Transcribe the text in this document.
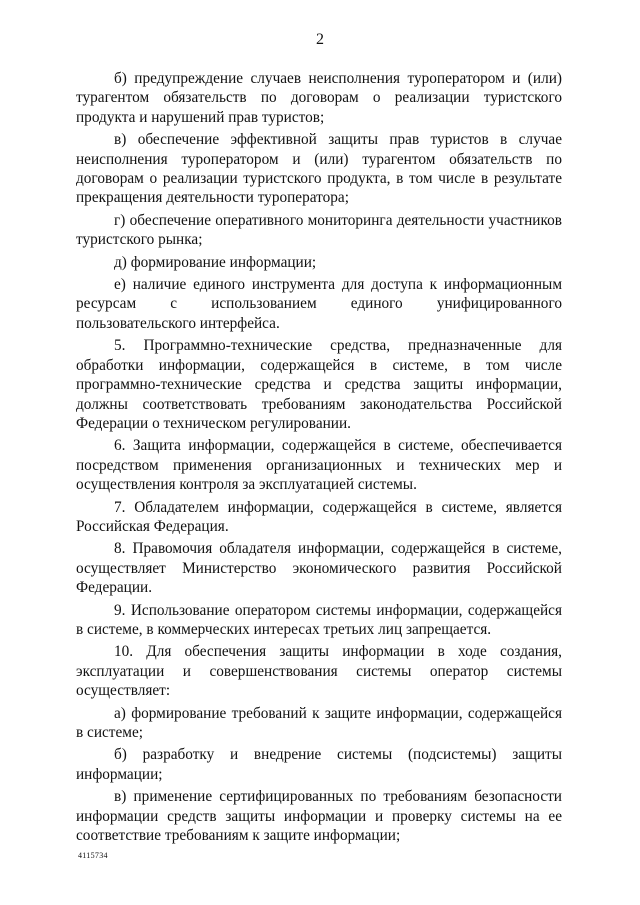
2

б) предупреждение случаев неисполнения туроператором и (или) турагентом обязательств по договорам о реализации туристского продукта и нарушений прав туристов;

в) обеспечение эффективной защиты прав туристов в случае неисполнения туроператором и (или) турагентом обязательств по договорам о реализации туристского продукта, в том числе в результате прекращения деятельности туроператора;

г) обеспечение оперативного мониторинга деятельности участников туристского рынка;

д) формирование информации;

е) наличие единого инструмента для доступа к информационным ресурсам с использованием единого унифицированного пользовательского интерфейса.

5. Программно-технические средства, предназначенные для обработки информации, содержащейся в системе, в том числе программно-технические средства и средства защиты информации, должны соответствовать требованиям законодательства Российской Федерации о техническом регулировании.

6. Защита информации, содержащейся в системе, обеспечивается посредством применения организационных и технических мер и осуществления контроля за эксплуатацией системы.

7. Обладателем информации, содержащейся в системе, является Российская Федерация.

8. Правомочия обладателя информации, содержащейся в системе, осуществляет Министерство экономического развития Российской Федерации.

9. Использование оператором системы информации, содержащейся в системе, в коммерческих интересах третьих лиц запрещается.

10. Для обеспечения защиты информации в ходе создания, эксплуатации и совершенствования системы оператор системы осуществляет:

а) формирование требований к защите информации, содержащейся в системе;

б) разработку и внедрение системы (подсистемы) защиты информации;

в) применение сертифицированных по требованиям безопасности информации средств защиты информации и проверку системы на ее соответствие требованиям к защите информации;

4115734
